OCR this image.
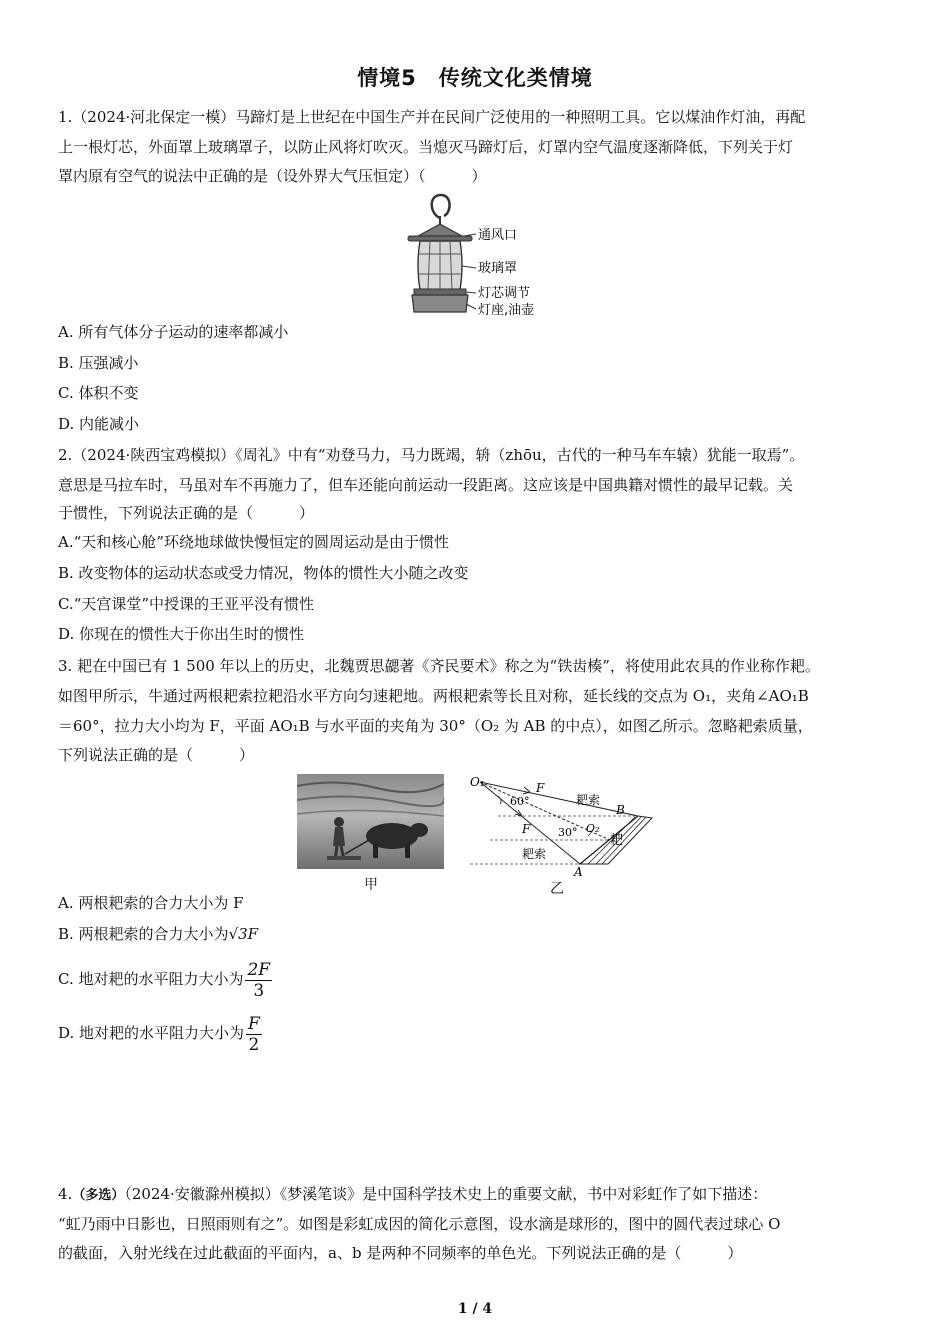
情境5　传统文化类情境
1.（2024·河北保定一模）马蹄灯是上世纪在中国生产并在民间广泛使用的一种照明工具。它以煤油作灯油，再配
上一根灯芯，外面罩上玻璃罩子，以防止风将灯吹灭。当熄灭马蹄灯后，灯罩内空气温度逐渐降低，下列关于灯
罩内原有空气的说法中正确的是（设外界大气压恒定）（	）
通风口
玻璃罩
灯芯调节
灯座,油壶
A. 所有气体分子运动的速率都减小
B. 压强减小
C. 体积不变
D. 内能减小
2.（2024·陕西宝鸡模拟）《周礼》中有“劝登马力，马力既竭，辀（zhōu，古代的一种马车车辕）犹能一取焉”。
意思是马拉车时，马虽对车不再施力了，但车还能向前运动一段距离。这应该是中国典籍对惯性的最早记载。关
于惯性，下列说法正确的是（	）
A.“天和核心舱”环绕地球做快慢恒定的圆周运动是由于惯性
B. 改变物体的运动状态或受力情况，物体的惯性大小随之改变
C.“天宫课堂”中授课的王亚平没有惯性
D. 你现在的惯性大于你出生时的惯性
3. 耙在中国已有 1 500 年以上的历史，北魏贾思勰著《齐民要术》称之为“铁齿楱”，将使用此农具的作业称作耙。
如图甲所示，牛通过两根耙索拉耙沿水平方向匀速耙地。两根耙索等长且对称，延长线的交点为 O₁，夹角∠AO₁B
＝60°，拉力大小均为 F，平面 AO₁B 与水平面的夹角为 30°（O₂ 为 AB 的中点），如图乙所示。忽略耙索质量，
下列说法正确的是（	）
甲
O₁	F
60°	耙索
B
F	30° O₂
耙
耙索
A
乙
A. 两根耙索的合力大小为 F
B. 两根耙索的合力大小为√3F
C. 地对耙的水平阻力大小为 $\frac{2F}{3}$
D. 地对耙的水平阻力大小为 $\frac{F}{2}$
4.（多选）（2024·安徽滁州模拟）《梦溪笔谈》是中国科学技术史上的重要文献，书中对彩虹作了如下描述：
“虹乃雨中日影也，日照雨则有之”。如图是彩虹成因的简化示意图，设水滴是球形的，图中的圆代表过球心 O
的截面，入射光线在过此截面的平面内，a、b 是两种不同频率的单色光。下列说法正确的是（	）
1 / 4
